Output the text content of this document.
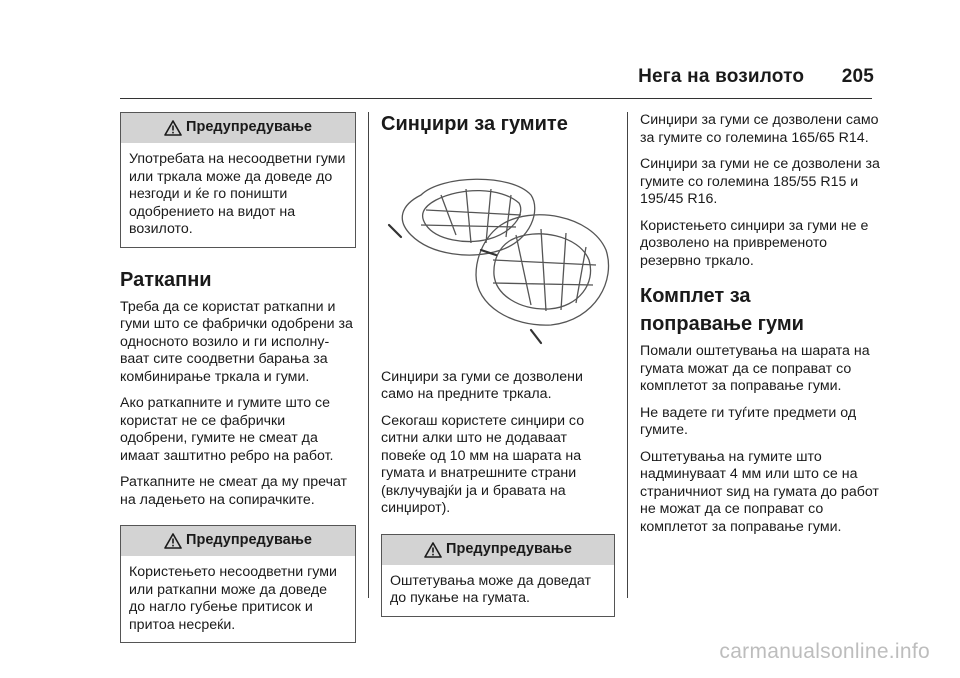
Нега на возилото 205
Предупредување

Употребата на несоодветни гуми или тркала може да доведе до незгоди и ќе го поништи одобрението на видот на возилото.

Раткапни

Треба да се користат раткапни и гуми што се фабрички одобрени за односното возило и ги исполну-ваат сите соодветни барања за комбинирање тркала и гуми.

Ако раткапните и гумите што се користат не се фабрички одобрени, гумите не смеат да имаат заштитно ребро на работ.

Раткапните не смеат да му пречат на ладењето на сопирачките.

Предупредување

Користењето несоодветни гуми или раткапни може да доведе до нагло губење притисок и притоа несреќи.

Синџири за гумите

Синџири за гуми се дозволени само на предните тркала.

Секогаш користете синџири со ситни алки што не додаваат повеќе од 10 мм на шарата на гумата и внатрешните страни (вклучувајќи ја и бравата на синџирот).

Предупредување

Оштетувања може да доведат до пукање на гумата.

Синџири за гуми се дозволени само за гумите со големина 165/65 R14.

Синџири за гуми не се дозволени за гумите со големина 185/55 R15 и 195/45 R16.

Користењето синџири за гуми не е дозволено на привременото резервно тркало.

Комплет за
поправање гуми

Помали оштетувања на шарата на гумата можат да се поправат со комплетот за поправање гуми.

Не вадете ги туѓите предмети од гумите.

Оштетувања на гумите што надминуваат 4 мм или што се на страничниот sид на гумата до работ не можат да се поправат со комплетот за поправање гуми.

carmanualsonline.info
